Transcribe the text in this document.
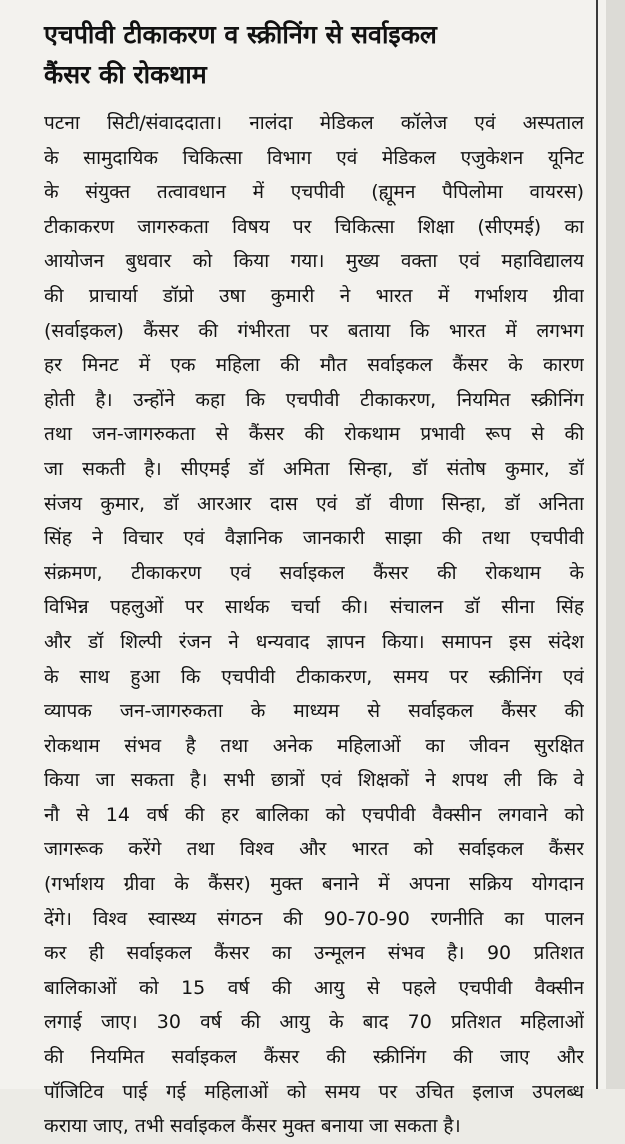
एचपीवी टीकाकरण व स्क्रीनिंग से सर्वाइकल
कैंसर की रोकथाम
पटना सिटी/संवाददाता। नालंदा मेडिकल कॉलेज एवं अस्पताल
के सामुदायिक चिकित्सा विभाग एवं मेडिकल एजुकेशन यूनिट
के संयुक्त तत्वावधान में एचपीवी (ह्यूमन पैपिलोमा वायरस)
टीकाकरण जागरुकता विषय पर चिकित्सा शिक्षा (सीएमई) का
आयोजन बुधवार को किया गया। मुख्य वक्ता एवं महाविद्यालय
की प्राचार्या डॉप्रो उषा कुमारी ने भारत में गर्भाशय ग्रीवा
(सर्वाइकल) कैंसर की गंभीरता पर बताया कि भारत में लगभग
हर मिनट में एक महिला की मौत सर्वाइकल कैंसर के कारण
होती है। उन्होंने कहा कि एचपीवी टीकाकरण, नियमित स्क्रीनिंग
तथा जन-जागरुकता से कैंसर की रोकथाम प्रभावी रूप से की
जा सकती है। सीएमई डॉ अमिता सिन्हा, डॉ संतोष कुमार, डॉ
संजय कुमार, डॉ आरआर दास एवं डॉ वीणा सिन्हा, डॉ अनिता
सिंह ने विचार एवं वैज्ञानिक जानकारी साझा की तथा एचपीवी
संक्रमण, टीकाकरण एवं सर्वाइकल कैंसर की रोकथाम के
विभिन्न पहलुओं पर सार्थक चर्चा की। संचालन डॉ सीना सिंह
और डॉ शिल्पी रंजन ने धन्यवाद ज्ञापन किया। समापन इस संदेश
के साथ हुआ कि एचपीवी टीकाकरण, समय पर स्क्रीनिंग एवं
व्यापक जन-जागरुकता के माध्यम से सर्वाइकल कैंसर की
रोकथाम संभव है तथा अनेक महिलाओं का जीवन सुरक्षित
किया जा सकता है। सभी छात्रों एवं शिक्षकों ने शपथ ली कि वे
नौ से 14 वर्ष की हर बालिका को एचपीवी वैक्सीन लगवाने को
जागरूक करेंगे तथा विश्व और भारत को सर्वाइकल कैंसर
(गर्भाशय ग्रीवा के कैंसर) मुक्त बनाने में अपना सक्रिय योगदान
देंगे। विश्व स्वास्थ्य संगठन की 90-70-90 रणनीति का पालन
कर ही सर्वाइकल कैंसर का उन्मूलन संभव है। 90 प्रतिशत
बालिकाओं को 15 वर्ष की आयु से पहले एचपीवी वैक्सीन
लगाई जाए। 30 वर्ष की आयु के बाद 70 प्रतिशत महिलाओं
की नियमित सर्वाइकल कैंसर की स्क्रीनिंग की जाए और
पॉजिटिव पाई गई महिलाओं को समय पर उचित इलाज उपलब्ध
कराया जाए, तभी सर्वाइकल कैंसर मुक्त बनाया जा सकता है।
